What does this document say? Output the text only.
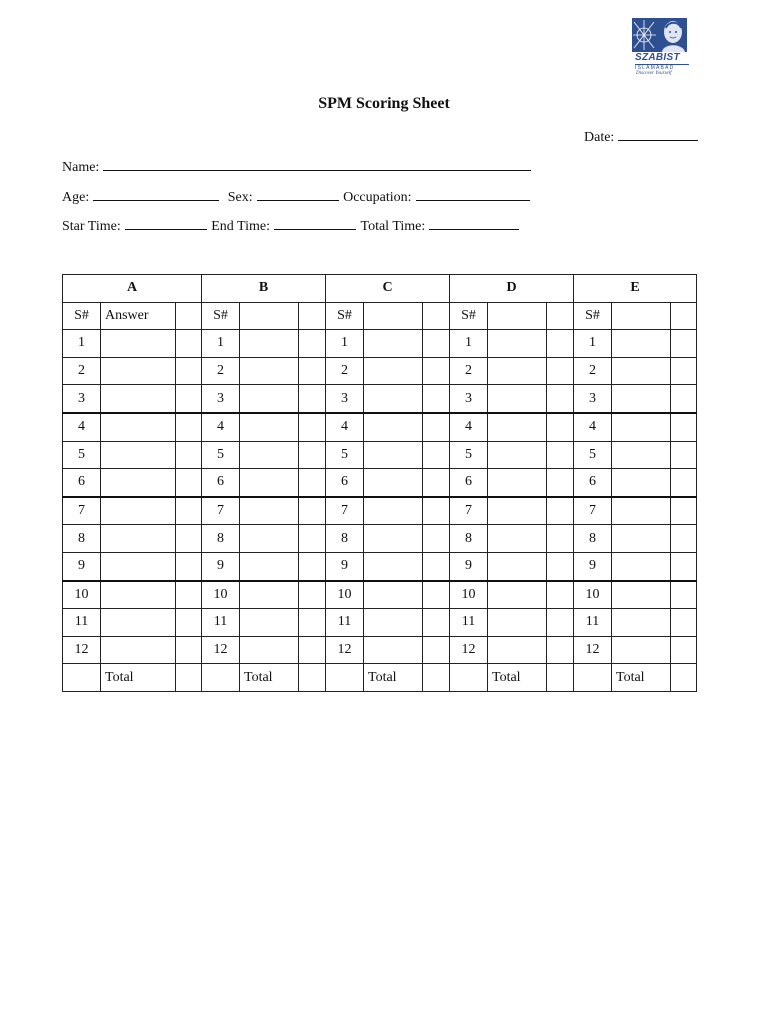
SZABIST
ISLAMABAD
Discover Yourself
SPM Scoring Sheet
Date:
Name:
Age:	Sex:	Occupation:
Star Time:	End Time:	Total Time:
A			B			C			D			E		
S#	Answer		S#			S#			S#			S#		
1			1			1			1			1		
2			2			2			2			2		
3			3			3			3			3		
4			4			4			4			4		
5			5			5			5			5		
6			6			6			6			6		
7			7			7			7			7		
8			8			8			8			8		
9			9			9			9			9		
10			10			10			10			10		
11			11			11			11			11		
12			12			12			12			12		
	Total			Total			Total			Total			Total	
